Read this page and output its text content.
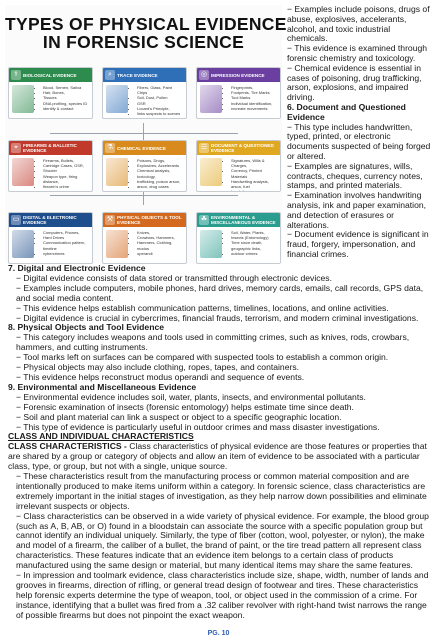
TYPES OF PHYSICAL EVIDENCE
IN FORENSIC SCIENCE
⚕	BIOLOGICAL EVIDENCE
• Blood, Semen, Saliva
• Hair, Bones,
• Tissues
• DNA profiling, species ID
• identify & contact
⌕	TRACE EVIDENCE
• Fibers, Glass, Paint Chips
• Soil, Dust, Pollen
• GSR
• Locard's Principle,
• links suspects to scenes
◎ IMPRESSION EVIDENCE
• Fingerprints,
• Footprints, Tire Marks
• Tool Marks
• Individual identification,
• recreate movements
⌖	FIREARMS & BALLISTIC EVIDENCE
• Firearms, Bullets,
• Cartridge Cases, GSR,
• Shooter
• Weapon type, firing distance,
• firearm's crime
⚗ CHEMICAL EVIDENCE
• Poisons, Drugs,
• Explosives, Accelerants
• Chemical analysis, toxicology,
• trafficking, poison arson,
• arson, drug cases
☰ DOCUMENT & QUESTIONED EVIDENCE
• Signatures, Wills & Charges,
• Currency, Printed Materials
• Handwriting analysis, arson, fuel
• fraud, forgery
▭ DIGITAL & ELECTRONIC EVIDENCE
• Computers, Phones,
• Hard Drives
• Communication pattern, timeline
• cybercrimes
⚒ PHYSICAL OBJECTS & TOOL EVIDENCE
• Knives,
• Crowbars, Hammers,
• Hammers, Clothing, modus
• operandi
☘ ENVIRONMENTAL & MISCELLANEOUS EVIDENCE
• Soil, Water, Plants,
• Insects (Entomology)
• Time since death, geographic links,
• outdoor crimes

− Examples include poisons, drugs of abuse, explosives, accelerants, alcohol, and toxic industrial chemicals.

− This evidence is examined through forensic chemistry and toxicology.

− Chemical evidence is essential in cases of poisoning, drug trafficking, arson, explosions, and impaired driving.

6. Document and Questioned Evidence

− This type includes handwritten, typed, printed, or electronic documents suspected of being forged or altered.

− Examples are signatures, wills, contracts, cheques, currency notes, stamps, and printed materials.

− Examination involves handwriting analysis, ink and paper examination, and detection of erasures or alterations.

− Document evidence is significant in fraud, forgery, impersonation, and financial crimes.

7. Digital and Electronic Evidence

− Digital evidence consists of data stored or transmitted through electronic devices.

− Examples include computers, mobile phones, hard drives, memory cards, emails, call records, GPS data, and social media content.

− This evidence helps establish communication patterns, timelines, locations, and online activities.

− Digital evidence is crucial in cybercrimes, financial frauds, terrorism, and modern criminal investigations.

8. Physical Objects and Tool Evidence

− This category includes weapons and tools used in committing crimes, such as knives, rods, crowbars, hammers, and cutting instruments.

− Tool marks left on surfaces can be compared with suspected tools to establish a common origin.

− Physical objects may also include clothing, ropes, tapes, and containers.

− This evidence helps reconstruct modus operandi and sequence of events.

9. Environmental and Miscellaneous Evidence

− Environmental evidence includes soil, water, plants, insects, and environmental pollutants.

− Forensic examination of insects (forensic entomology) helps estimate time since death.

− Soil and plant material can link a suspect or object to a specific geographic location.

− This type of evidence is particularly useful in outdoor crimes and mass disaster investigations.

CLASS AND INDIVIDUAL CHARACTERISTICS

CLASS CHARACTERISTICS - Class characteristics of physical evidence are those features or properties that are shared by a group or category of objects and allow an item of evidence to be associated with a particular class, type, or group, but not with a single, unique source.

− These characteristics result from the manufacturing process or common material composition and are intentionally produced to make items uniform within a category. In forensic science, class characteristics are extremely important in the initial stages of investigation, as they help narrow down possibilities and eliminate irrelevant suspects or objects.

− Class characteristics can be observed in a wide variety of physical evidence. For example, the blood group (such as A, B, AB, or O) found in a bloodstain can associate the source with a specific population group but cannot identify an individual uniquely. Similarly, the type of fiber (cotton, wool, polyester, or nylon), the make and model of a firearm, the caliber of a bullet, the brand of paint, or the tire tread pattern all represent class characteristics. These features indicate that an evidence item belongs to a certain class of products manufactured using the same design or material, but many identical items may share the same features.

− In impression and toolmark evidence, class characteristics include size, shape, width, number of lands and grooves in firearms, direction of rifling, or general tread design of footwear and tires. These characteristics help forensic experts determine the type of weapon, tool, or object used in the commission of a crime. For instance, identifying that a bullet was fired from a .32 caliber revolver with right-hand twist narrows the range of possible firearms but does not pinpoint the exact weapon.

PG. 10
